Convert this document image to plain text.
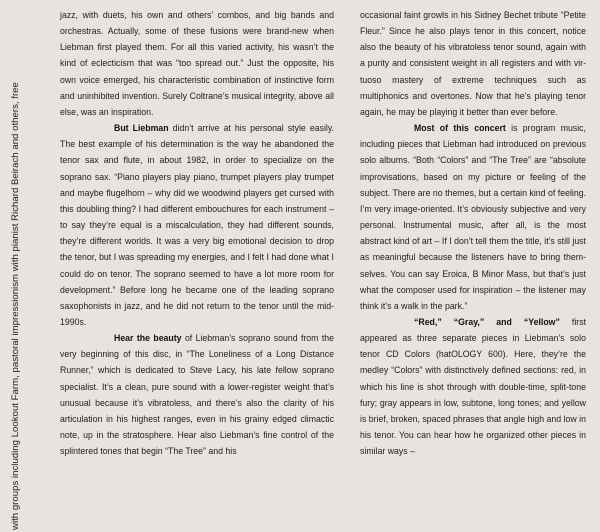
with groups including Lookout Farm, pastoral impressionism with pianist Richard Beirach and others, free

jazz, with duets, his own and others’ combos, and big bands and orchestras. Actually, some of these fusions were brand-new when Liebman first played them. For all this varied activity, his wasn’t the kind of eclecticism that was “too spread out.” Just the opposite, his own voice emerged, his characteristic combination of instinctive form and uninhibited invention. Surely Coltrane’s musical integrity, above all else, was an inspiration.

But Liebman didn’t arrive at his personal style easily. The best example of his determination is the way he abandoned the tenor sax and flute, in about 1982, in order to specialize on the soprano sax. “Piano players play piano, trumpet players play trumpet and maybe flugelhorn – why did we woodwind players get cursed with this doubling thing? I had different embouchures for each instrument – to say they’re equal is a miscalculation, they had different sounds, they’re different worlds. It was a very big emotional decision to drop the tenor, but I was spreading my energies, and I felt I had done what I could do on tenor. The soprano seemed to have a lot more room for development.” Before long he became one of the leading soprano saxophonists in jazz, and he did not return to the tenor until the mid-1990s.

Hear the beauty of Liebman’s soprano sound from the very beginning of this disc, in “The Loneliness of a Long Distance Runner,” which is dedicated to Steve Lacy, his late fellow soprano specialist. It’s a clean, pure sound with a lower-register weight that’s unusual because it’s vibratoless, and there’s also the clarity of his articulation in his highest ranges, even in his grainy edged climactic note, up in the stratosphere. Hear also Liebman’s fine control of the splintered tones that begin “The Tree” and his

occasional faint growls in his Sidney Bechet tribute “Petite Fleur.” Since he also plays tenor in this concert, notice also the beauty of his vibratoless tenor sound, again with a purity and consistent weight in all registers and with virtuoso mastery of extreme techniques such as multiphonics and overtones. Now that he’s playing tenor again, he may be playing it better than ever before.

Most of this concert is program music, including pieces that Liebman had introduced on previous solo albums. “Both “Colors” and “The Tree” are “absolute improvisations, based on my picture or feeling of the subject. There are no themes, but a certain kind of feeling. I’m very image-oriented. It’s obviously subjective and very personal. Instrumental music, after all, is the most abstract kind of art – If I don’t tell them the title, it’s still just as meaningful because the listeners have to bring themselves. You can say Eroica, B Minor Mass, but that’s just what the composer used for inspiration – the listener may think it’s a walk in the park.”

“Red,” “Gray,” and “Yellow” first appeared as three separate pieces in Liebman’s solo tenor CD Colors (hatOLOGY 600). Here, they’re the medley “Colors” with distinctively defined sections: red, in which his line is shot through with double-time, split-tone fury; gray appears in low, subtone, long tones; and yellow is brief, broken, spaced phrases that angle high and low in his tenor. You can hear how he organized other pieces in similar ways –
